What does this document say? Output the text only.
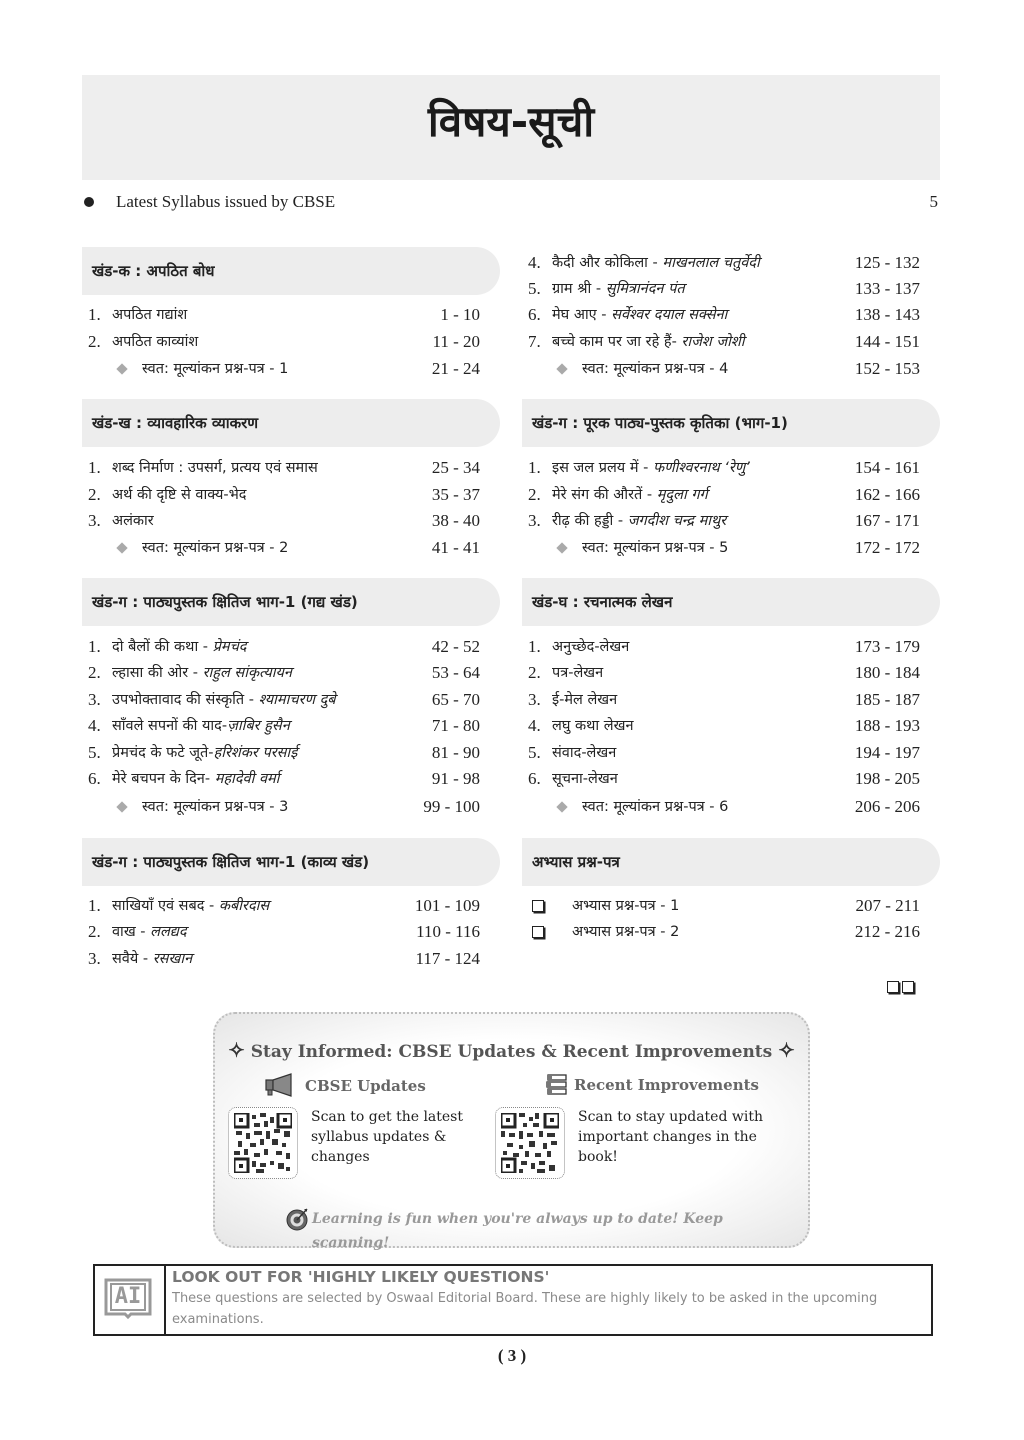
विषय-सूची
Latest Syllabus issued by CBSE	5
खंड-क : अपठित बोध
1. अपठित गद्यांश	1 - 10
2. अपठित काव्यांश	11 - 20
स्वत: मूल्यांकन प्रश्न-पत्र - 1	21 - 24
खंड-ख : व्यावहारिक व्याकरण
1. शब्द निर्माण : उपसर्ग, प्रत्यय एवं समास	25 - 34
2. अर्थ की दृष्टि से वाक्य-भेद	35 - 37
3. अलंकार	38 - 40
स्वत: मूल्यांकन प्रश्न-पत्र - 2	41 - 41
खंड-ग : पाठ्यपुस्तक क्षितिज भाग-1 (गद्य खंड)
1. दो बैलों की कथा - प्रेमचंद	42 - 52
2. ल्हासा की ओर - राहुल सांकृत्यायन	53 - 64
3. उपभोक्तावाद की संस्कृति - श्यामाचरण दुबे	65 - 70
4. साँवले सपनों की याद-ज़ाबिर हुसैन	71 - 80
5. प्रेमचंद के फटे जूते-हरिशंकर परसाई	81 - 90
6. मेरे बचपन के दिन- महादेवी वर्मा	91 - 98
स्वत: मूल्यांकन प्रश्न-पत्र - 3	99 - 100
खंड-ग : पाठ्यपुस्तक क्षितिज भाग-1 (काव्य खंड)
1. साखियाँ एवं सबद - कबीरदास	101 - 109
2. वाख - ललद्यद	110 - 116
3. सवैये - रसखान	117 - 124
4. कैदी और कोकिला - माखनलाल चतुर्वेदी	125 - 132
5. ग्राम श्री - सुमित्रानंदन पंत	133 - 137
6. मेघ आए - सर्वेश्वर दयाल सक्सेना	138 - 143
7. बच्चे काम पर जा रहे हैं- राजेश जोशी	144 - 151
स्वत: मूल्यांकन प्रश्न-पत्र - 4	152 - 153
खंड-ग : पूरक पाठ्य-पुस्तक कृतिका (भाग-1)
1. इस जल प्रलय में - फणीश्वरनाथ ‘रेणु’	154 - 161
2. मेरे संग की औरतें - मृदुला गर्ग	162 - 166
3. रीढ़ की हड्डी - जगदीश चन्द्र माथुर	167 - 171
स्वत: मूल्यांकन प्रश्न-पत्र - 5	172 - 172
खंड-घ : रचनात्मक लेखन
1. अनुच्छेद-लेखन	173 - 179
2. पत्र-लेखन	180 - 184
3. ई-मेल लेखन	185 - 187
4. लघु कथा लेखन	188 - 193
5. संवाद-लेखन	194 - 197
6. सूचना-लेखन	198 - 205
स्वत: मूल्यांकन प्रश्न-पत्र - 6	206 - 206
अभ्यास प्रश्न-पत्र
अभ्यास प्रश्न-पत्र - 1	207 - 211
अभ्यास प्रश्न-पत्र - 2	212 - 216
✧ Stay Informed: CBSE Updates & Recent Improvements ✧
CBSE Updates
Scan to get the latest syllabus updates & changes
Recent Improvements
Scan to stay updated with important changes in the book!
Learning is fun when you're always up to date! Keep scanning!
AI
LOOK OUT FOR 'HIGHLY LIKELY QUESTIONS'
These questions are selected by Oswaal Editorial Board. These are highly likely to be asked in the upcoming examinations.
( 3 )
